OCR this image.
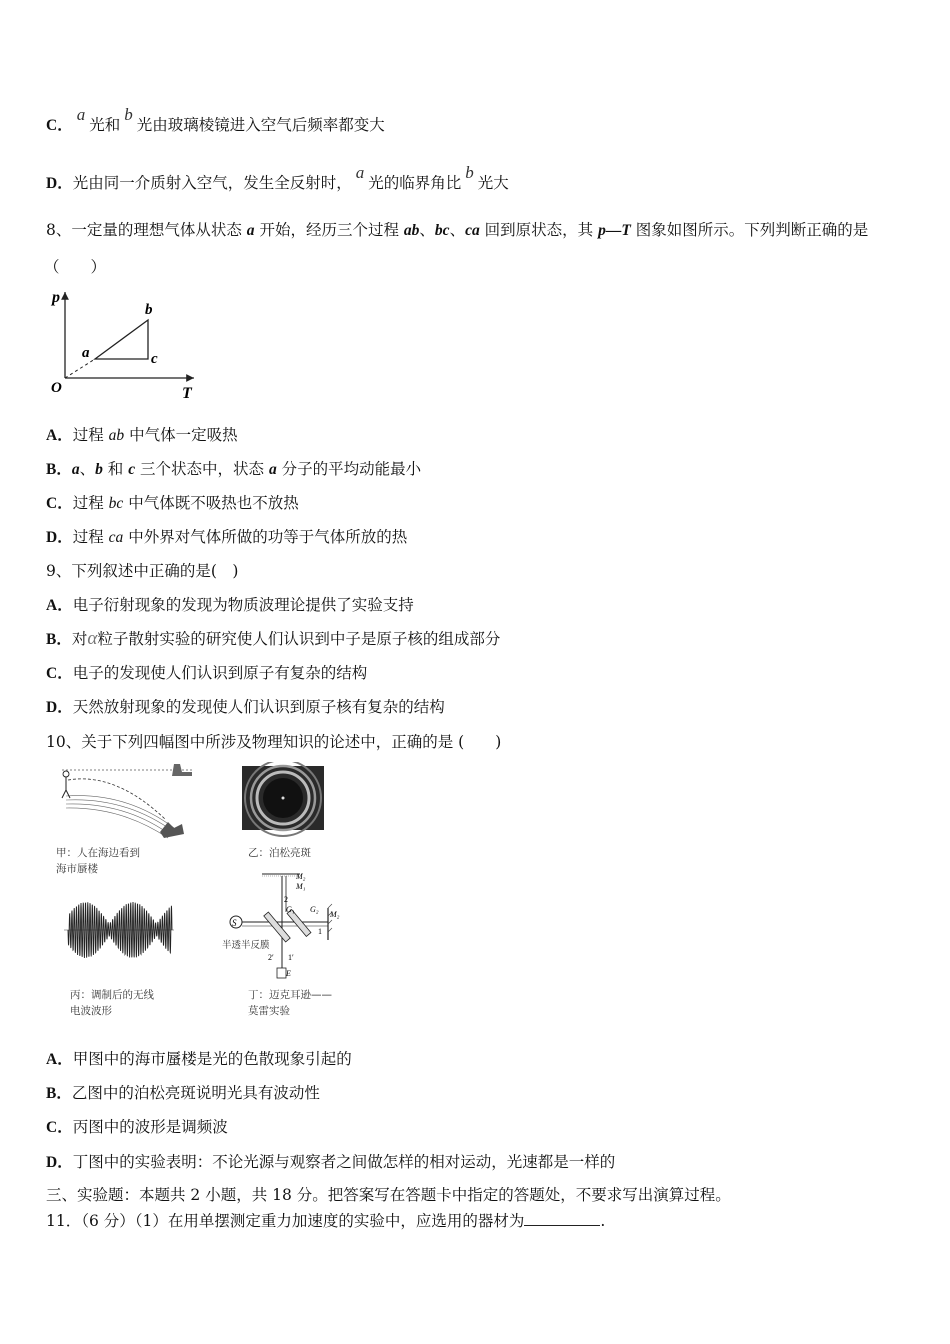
C．a光和b光由玻璃棱镜进入空气后频率都变大
D．光由同一介质射入空气，发生全反射时，a光的临界角比b光大
8、一定量的理想气体从状态 a 开始，经历三个过程 ab、bc、ca 回到原状态，其 p—T 图象如图所示。下列判断正确的是
（　　）
p
T
O
a
b
c
A．过程 ab 中气体一定吸热
B．a、b 和 c 三个状态中，状态 a 分子的平均动能最小
C．过程 bc 中气体既不吸热也不放热
D．过程 ca 中外界对气体所做的功等于气体所放的热
9、下列叙述中正确的是(　)
A．电子衍射现象的发现为物质波理论提供了实验支持
B．对α粒子散射实验的研究使人们认识到中子是原子核的组成部分
C．电子的发现使人们认识到原子有复杂的结构
D．天然放射现象的发现使人们认识到原子核有复杂的结构
10、关于下列四幅图中所涉及物理知识的论述中，正确的是 (　　)
甲：人在海边看到
海市蜃楼
乙：泊松亮斑
丙：调制后的无线
电波波形
S
M₂
M₁
G₁ G₂
M₂
2
1
2′ 1′
E
半透半反膜
丁：迈克耳逊——
莫雷实验
A．甲图中的海市蜃楼是光的色散现象引起的
B．乙图中的泊松亮斑说明光具有波动性
C．丙图中的波形是调频波
D．丁图中的实验表明：不论光源与观察者之间做怎样的相对运动，光速都是一样的
三、实验题：本题共 2 小题，共 18 分。把答案写在答题卡中指定的答题处，不要求写出演算过程。
11．（6 分）（1）在用单摆测定重力加速度的实验中，应选用的器材为	.
